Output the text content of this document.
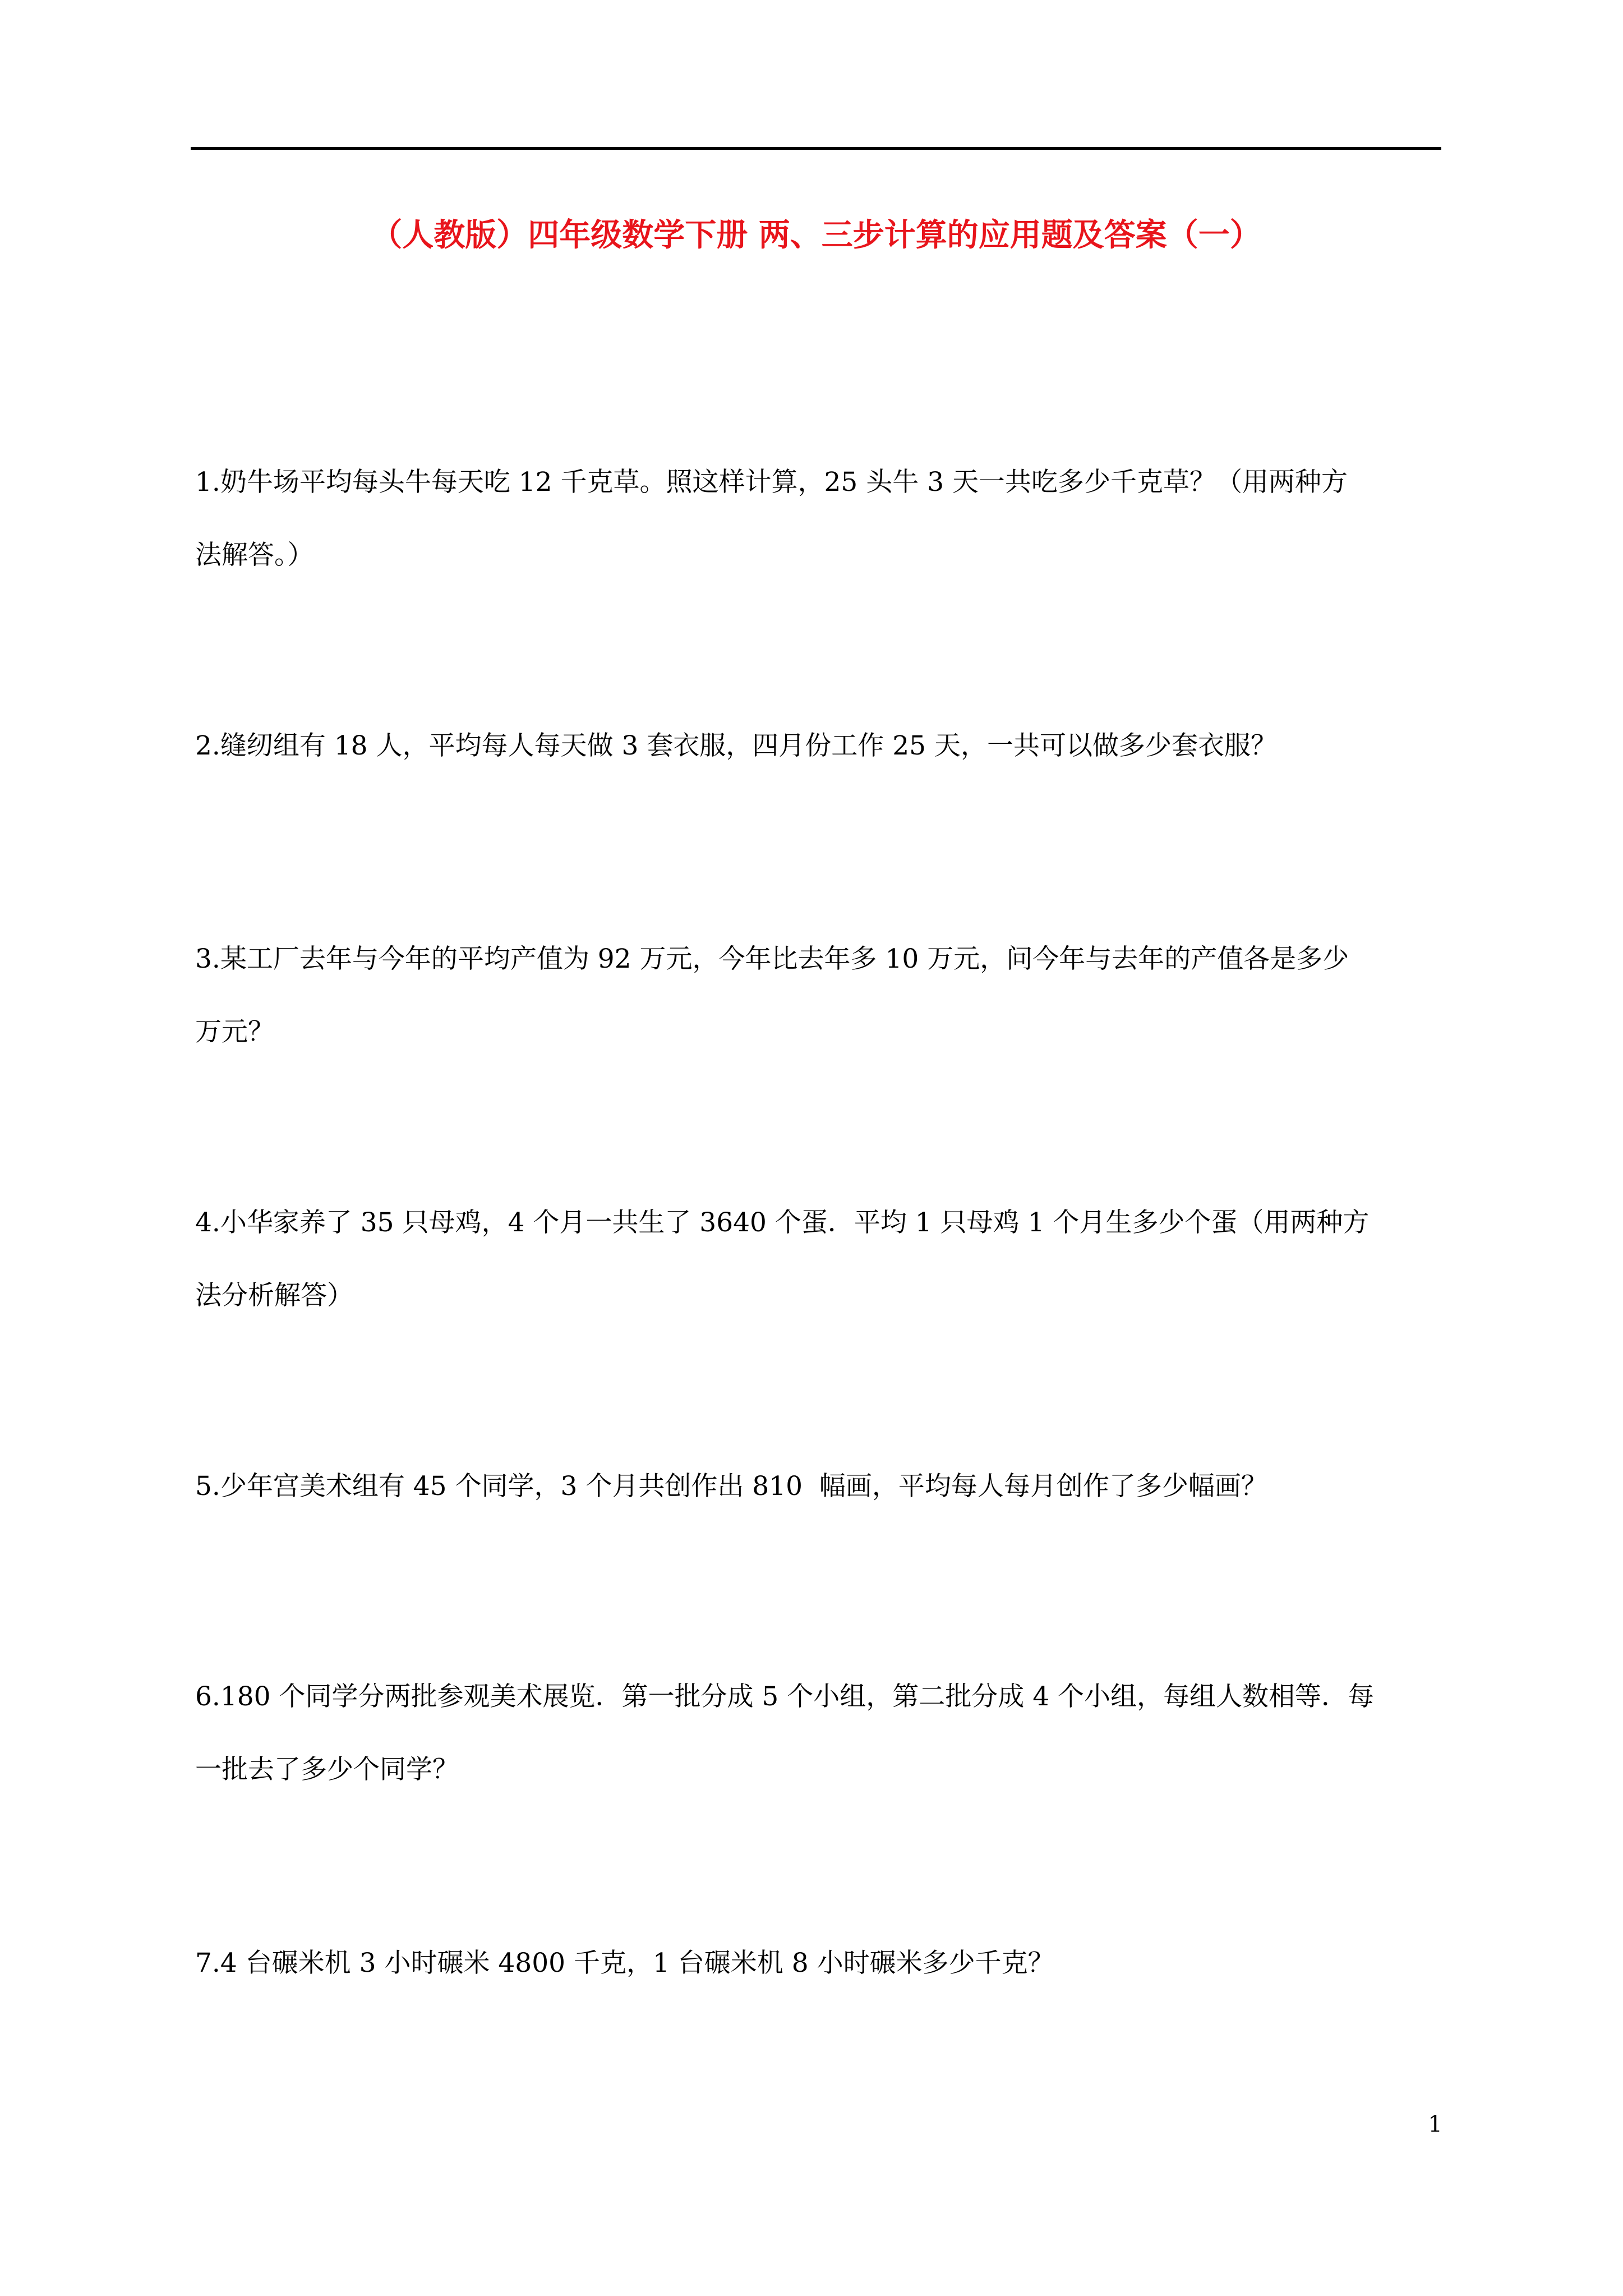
（人教版）四年级数学下册 两、三步计算的应用题及答案（一）
1.奶牛场平均每头牛每天吃 12 千克草。照这样计算，25 头牛 3 天一共吃多少千克草？（用两种方
法解答。）
2.缝纫组有 18 人，平均每人每天做 3 套衣服，四月份工作 25 天，一共可以做多少套衣服？
3.某工厂去年与今年的平均产值为 92 万元，今年比去年多 10 万元，问今年与去年的产值各是多少
万元？
4.小华家养了 35 只母鸡，4 个月一共生了 3640 个蛋．平均 1 只母鸡 1 个月生多少个蛋（用两种方
法分析解答）
5.少年宫美术组有 45 个同学，3 个月共创作出 810  幅画，平均每人每月创作了多少幅画？
6.180 个同学分两批参观美术展览．第一批分成 5 个小组，第二批分成 4 个小组，每组人数相等．每
一批去了多少个同学？
7.4 台碾米机 3 小时碾米 4800 千克，1 台碾米机 8 小时碾米多少千克？
1
